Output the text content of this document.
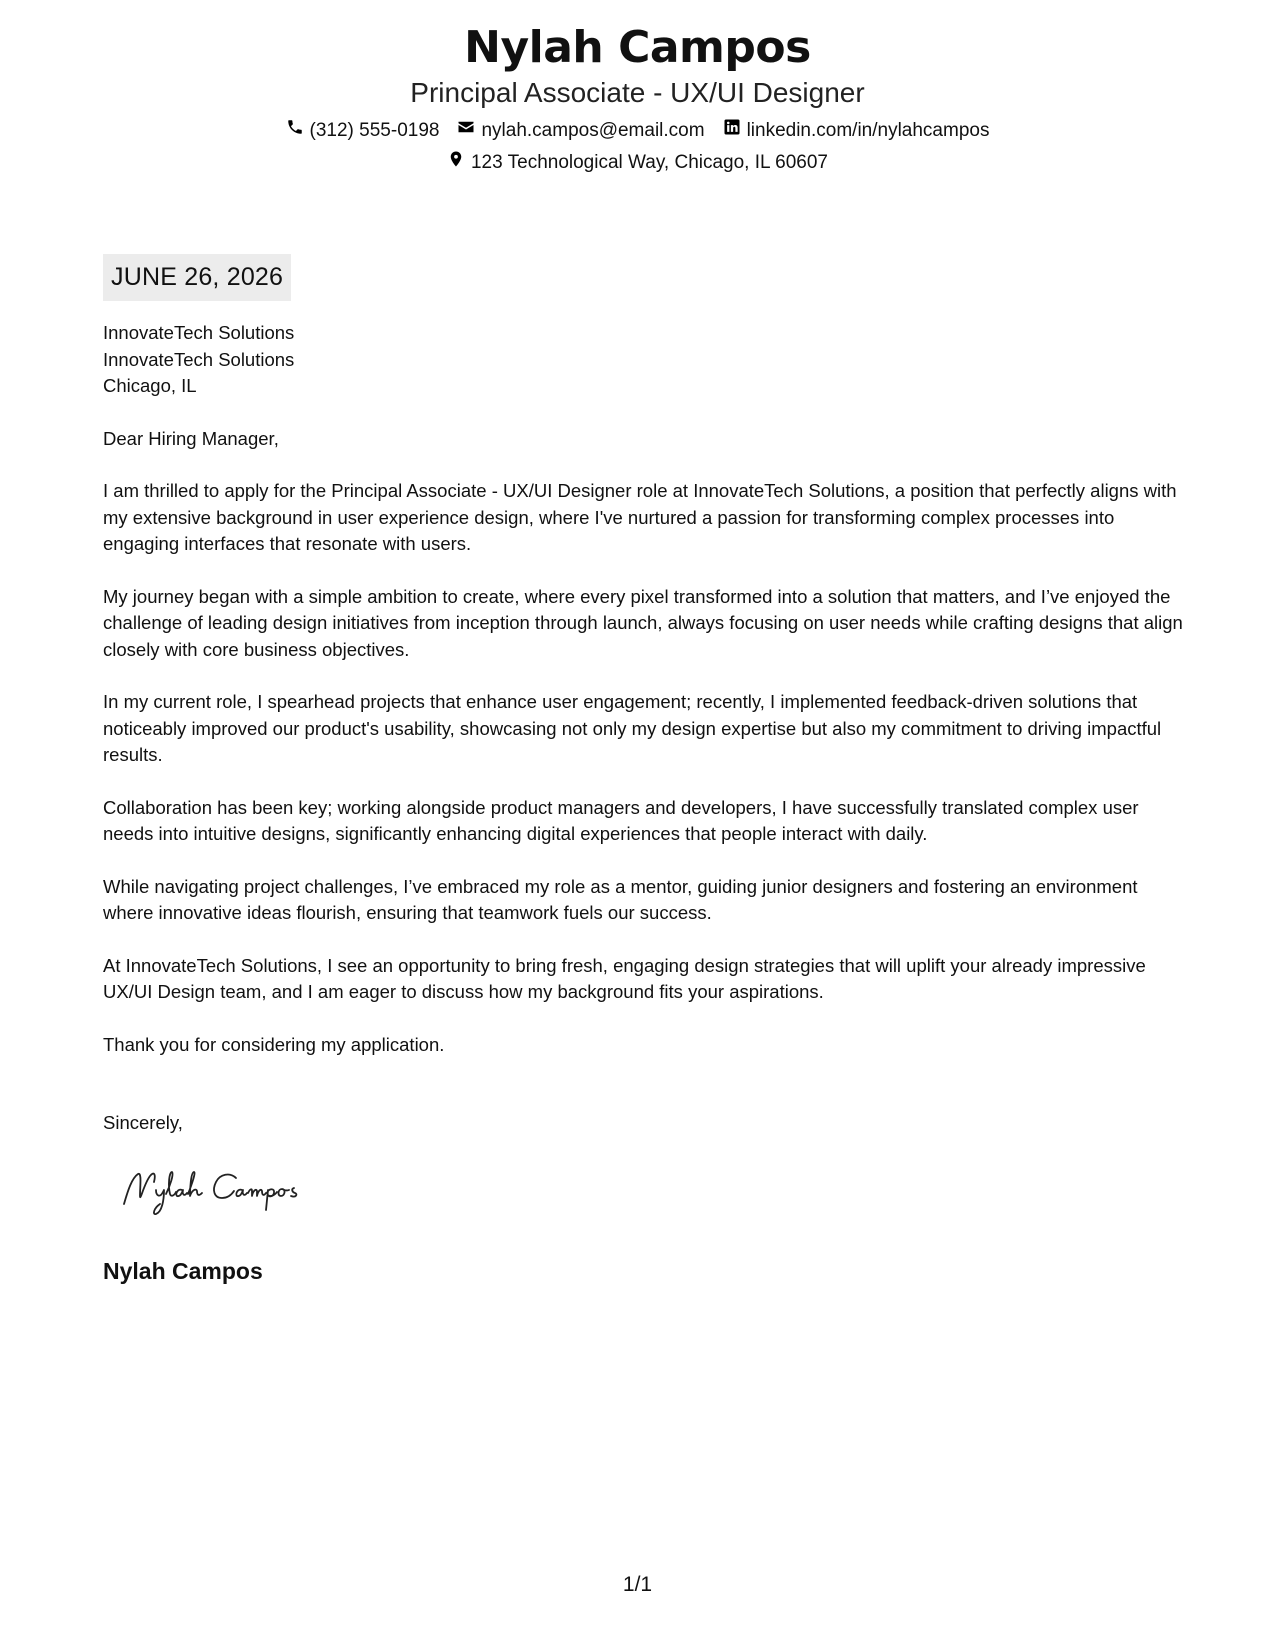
Nylah Campos
Principal Associate - UX/UI Designer
(312) 555-0198 nylah.campos@email.com linkedin.com/in/nylahcampos
123 Technological Way, Chicago, IL 60607
JUNE 26, 2026
InnovateTech Solutions
InnovateTech Solutions
Chicago, IL
Dear Hiring Manager,
I am thrilled to apply for the Principal Associate - UX/UI Designer role at InnovateTech Solutions, a position that perfectly aligns with my extensive background in user experience design, where I've nurtured a passion for transforming complex processes into engaging interfaces that resonate with users.
My journey began with a simple ambition to create, where every pixel transformed into a solution that matters, and I’ve enjoyed the challenge of leading design initiatives from inception through launch, always focusing on user needs while crafting designs that align closely with core business objectives.
In my current role, I spearhead projects that enhance user engagement; recently, I implemented feedback-driven solutions that noticeably improved our product's usability, showcasing not only my design expertise but also my commitment to driving impactful results.
Collaboration has been key; working alongside product managers and developers, I have successfully translated complex user needs into intuitive designs, significantly enhancing digital experiences that people interact with daily.
While navigating project challenges, I’ve embraced my role as a mentor, guiding junior designers and fostering an environment where innovative ideas flourish, ensuring that teamwork fuels our success.
At InnovateTech Solutions, I see an opportunity to bring fresh, engaging design strategies that will uplift your already impressive UX/UI Design team, and I am eager to discuss how my background fits your aspirations.
Thank you for considering my application.
Sincerely,
Nylah Campos
1/1
